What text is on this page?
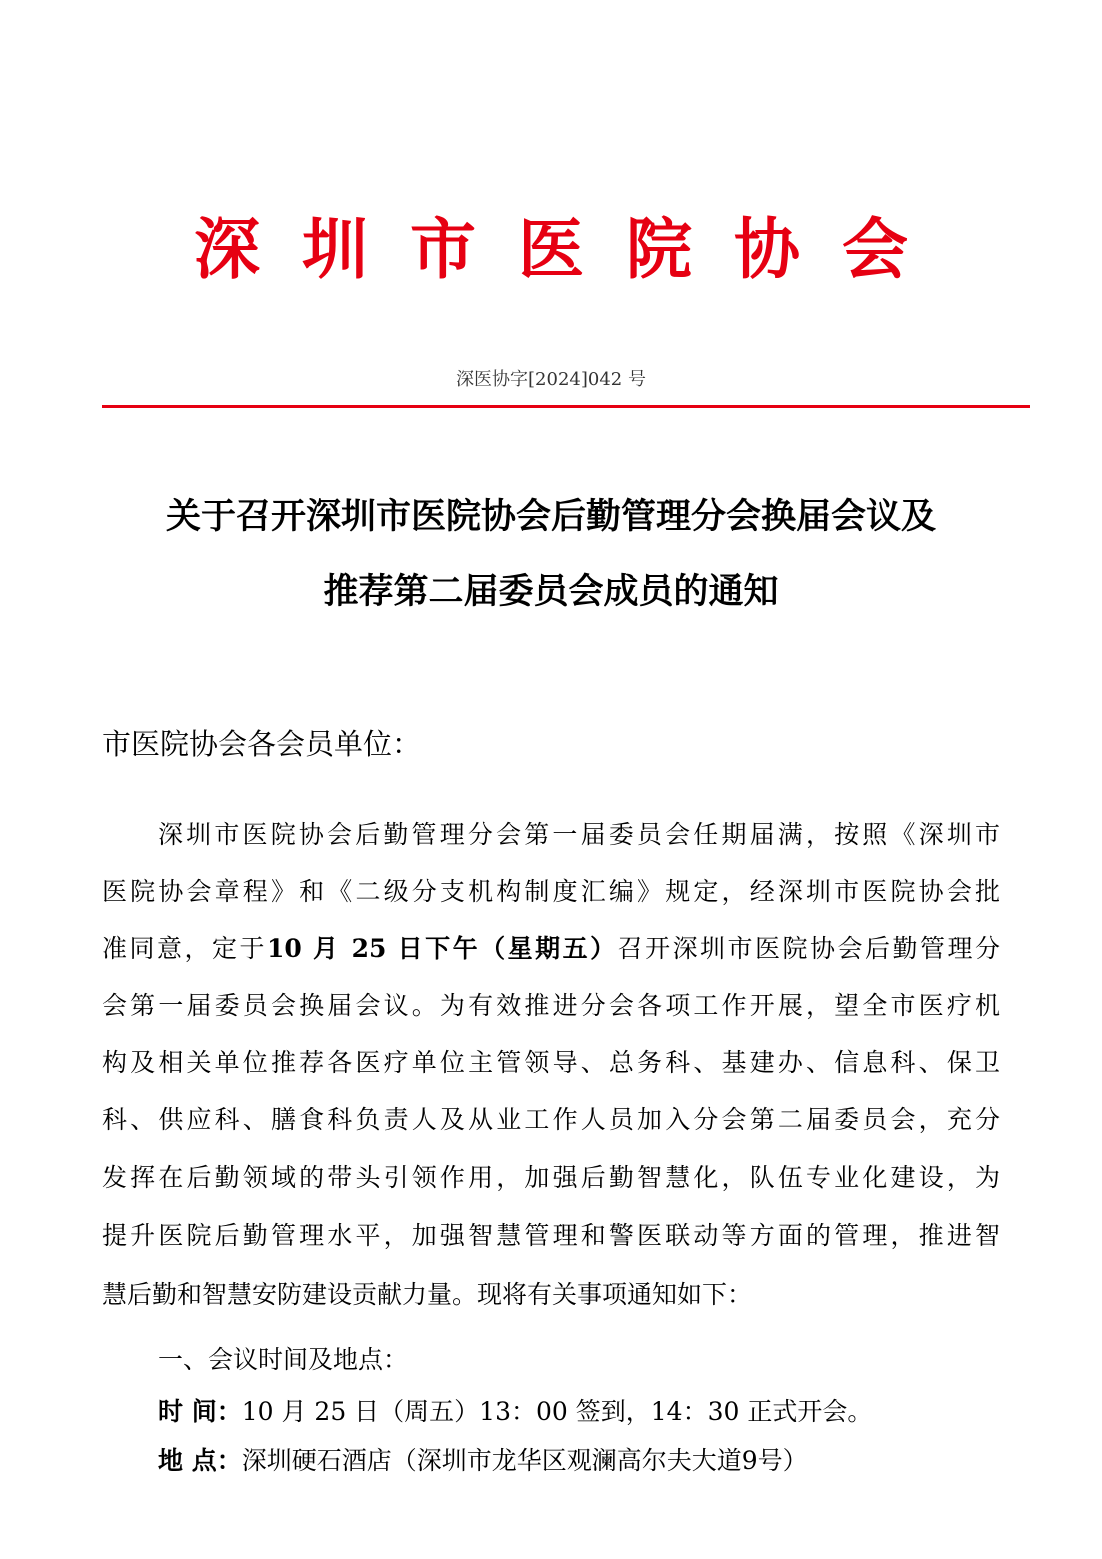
深圳市医院协会
深医协字[2024]042 号
关于召开深圳市医院协会后勤管理分会换届会议及
推荐第二届委员会成员的通知
市医院协会各会员单位：
深圳市医院协会后勤管理分会第一届委员会任期届满，按照《深圳市
医院协会章程》和《二级分支机构制度汇编》规定，经深圳市医院协会批
准同意，定于10 月 25 日下午（星期五）召开深圳市医院协会后勤管理分
会第一届委员会换届会议。为有效推进分会各项工作开展，望全市医疗机
构及相关单位推荐各医疗单位主管领导、总务科、基建办、信息科、保卫
科、供应科、膳食科负责人及从业工作人员加入分会第二届委员会，充分
发挥在后勤领域的带头引领作用，加强后勤智慧化，队伍专业化建设，为
提升医院后勤管理水平，加强智慧管理和警医联动等方面的管理，推进智
慧后勤和智慧安防建设贡献力量。现将有关事项通知如下：
一、会议时间及地点：
时 间：10 月 25 日（周五）13：00 签到，14：30 正式开会。
地 点：深圳硬石酒店（深圳市龙华区观澜高尔夫大道9号）
